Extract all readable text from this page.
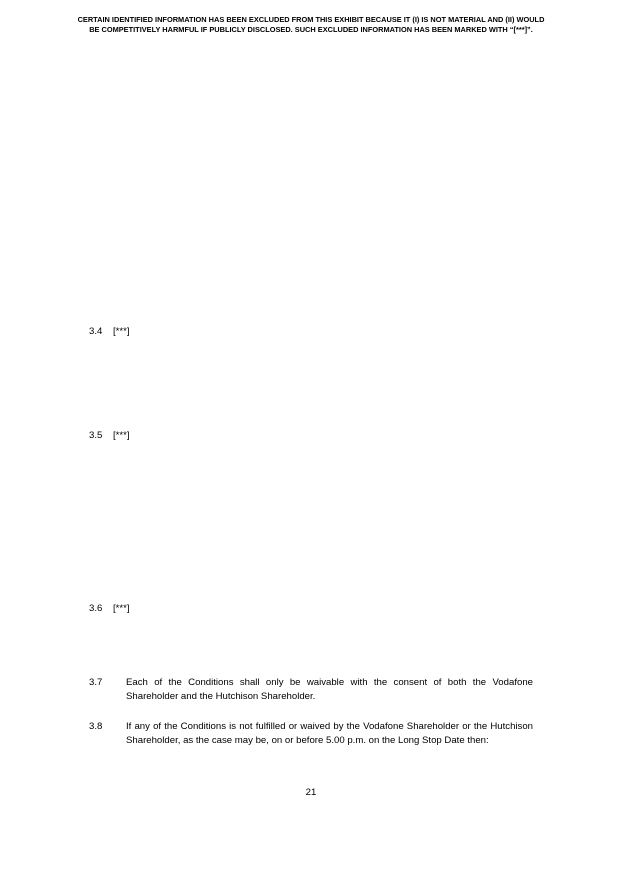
CERTAIN IDENTIFIED INFORMATION HAS BEEN EXCLUDED FROM THIS EXHIBIT BECAUSE IT (I) IS NOT MATERIAL AND (II) WOULD
BE COMPETITIVELY HARMFUL IF PUBLICLY DISCLOSED. SUCH EXCLUDED INFORMATION HAS BEEN MARKED WITH “[***]”.
3.4 [***]
3.5 [***]
3.6 [***]
3.7 Each of the Conditions shall only be waivable with the consent of both the Vodafone Shareholder and the Hutchison Shareholder.
3.8 If any of the Conditions is not fulfilled or waived by the Vodafone Shareholder or the Hutchison Shareholder, as the case may be, on or before 5.00 p.m. on the Long Stop Date then:
21
